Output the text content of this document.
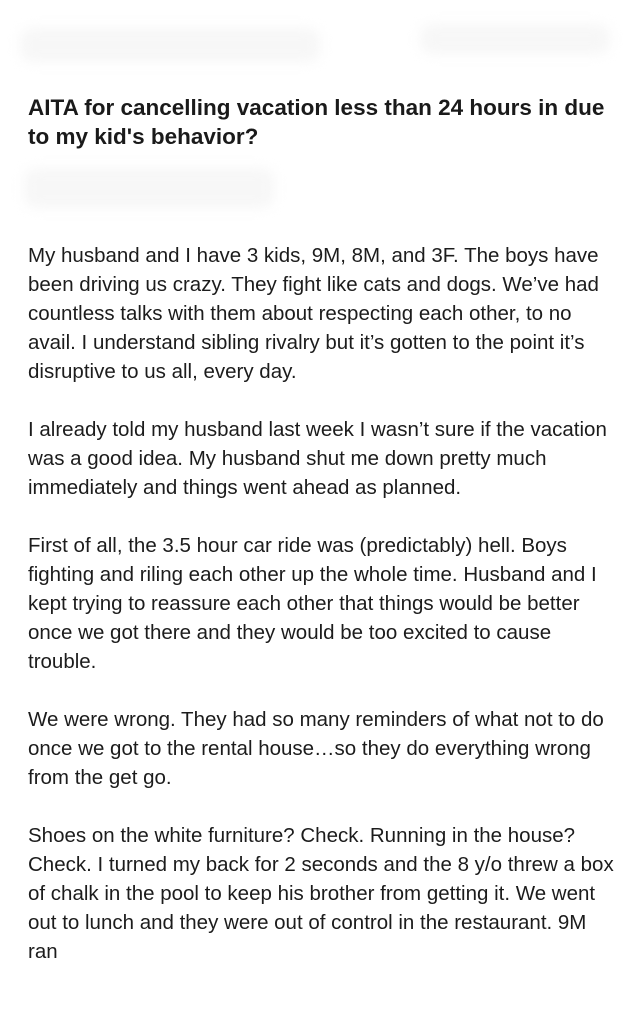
AITA for cancelling vacation less than 24 hours in due to my kid's behavior?

My husband and I have 3 kids, 9M, 8M, and 3F. The boys have been driving us crazy. They fight like cats and dogs. We’ve had countless talks with them about respecting each other, to no avail. I understand sibling rivalry but it’s gotten to the point it’s disruptive to us all, every day.

I already told my husband last week I wasn’t sure if the vacation was a good idea. My husband shut me down pretty much immediately and things went ahead as planned.

First of all, the 3.5 hour car ride was (predictably) hell. Boys fighting and riling each other up the whole time. Husband and I kept trying to reassure each other that things would be better once we got there and they would be too excited to cause trouble.

We were wrong. They had so many reminders of what not to do once we got to the rental house…so they do everything wrong from the get go.

Shoes on the white furniture? Check. Running in the house? Check. I turned my back for 2 seconds and the 8 y/o threw a box of chalk in the pool to keep his brother from getting it. We went out to lunch and they were out of control in the restaurant. 9M ran
